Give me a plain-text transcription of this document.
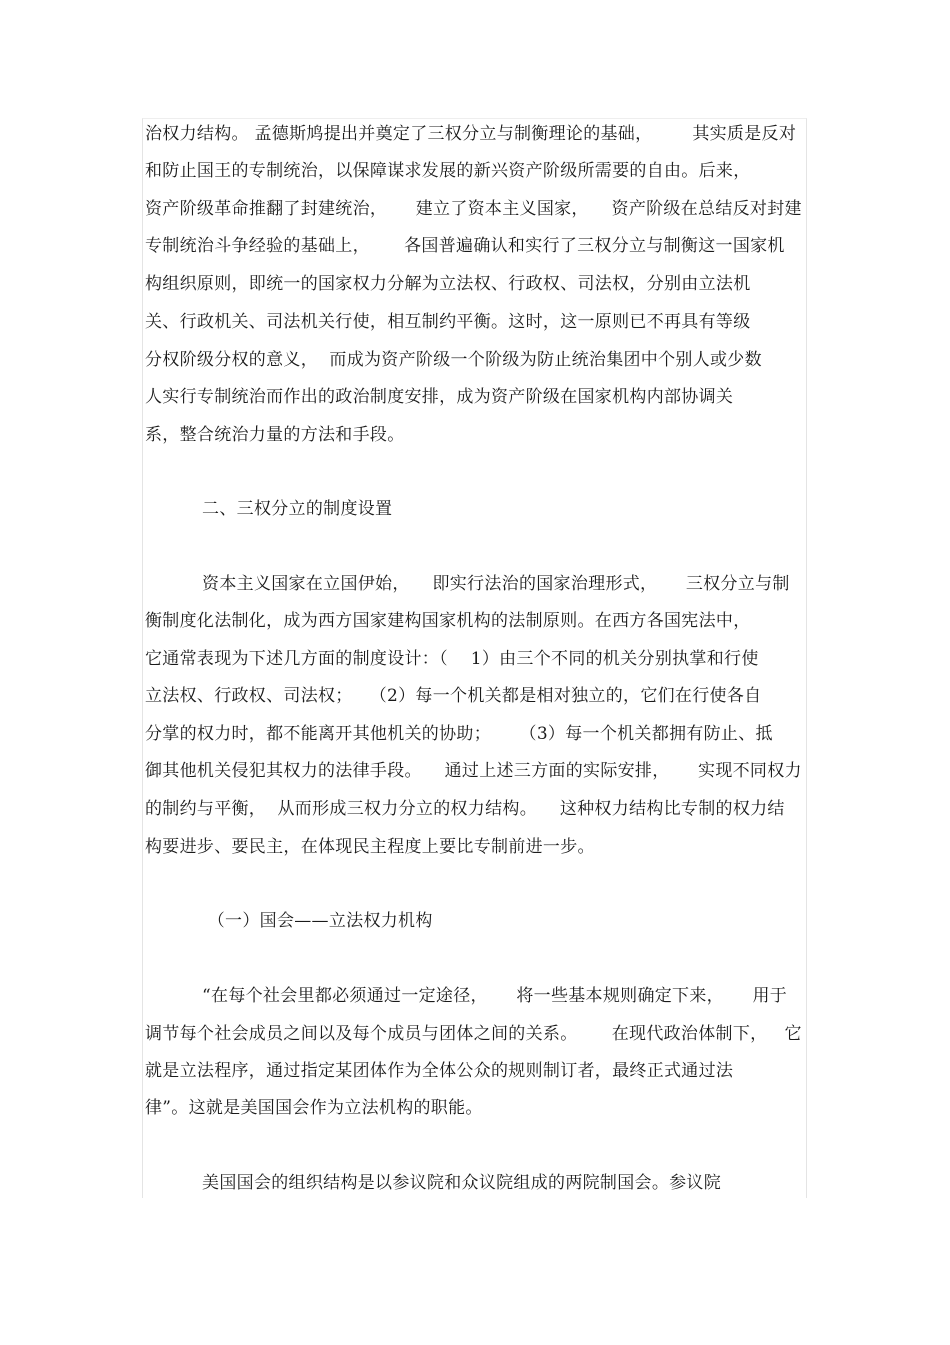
治权力结构。 孟德斯鸠提出并奠定了三权分立与制衡理论的基础，       其实质是反对
和防止国王的专制统治，以保障谋求发展的新兴资产阶级所需要的自由。后来，
资产阶级革命推翻了封建统治，     建立了资本主义国家，    资产阶级在总结反对封建
专制统治斗争经验的基础上，      各国普遍确认和实行了三权分立与制衡这一国家机
构组织原则，即统一的国家权力分解为立法权、行政权、司法权，分别由立法机
关、行政机关、司法机关行使，相互制约平衡。这时，这一原则已不再具有等级
分权阶级分权的意义，  而成为资产阶级一个阶级为防止统治集团中个别人或少数
人实行专制统治而作出的政治制度安排，成为资产阶级在国家机构内部协调关
系，整合统治力量的方法和手段。
二、三权分立的制度设置
资本主义国家在立国伊始，    即实行法治的国家治理形式，     三权分立与制
衡制度化法制化，成为西方国家建构国家机构的法制原则。在西方各国宪法中，
它通常表现为下述几方面的制度设计：（    1）由三个不同的机关分别执掌和行使
立法权、行政权、司法权；   （2）每一个机关都是相对独立的，它们在行使各自
分掌的权力时，都不能离开其他机关的协助；     （3）每一个机关都拥有防止、抵
御其他机关侵犯其权力的法律手段。    通过上述三方面的实际安排，     实现不同权力
的制约与平衡，  从而形成三权力分立的权力结构。    这种权力结构比专制的权力结
构要进步、要民主，在体现民主程度上要比专制前进一步。
（一）国会——立法权力机构
“在每个社会里都必须通过一定途径，     将一些基本规则确定下来，     用于
调节每个社会成员之间以及每个成员与团体之间的关系。      在现代政治体制下，   它
就是立法程序，通过指定某团体作为全体公众的规则制订者，最终正式通过法
律”。这就是美国国会作为立法机构的职能。
美国国会的组织结构是以参议院和众议院组成的两院制国会。参议院
